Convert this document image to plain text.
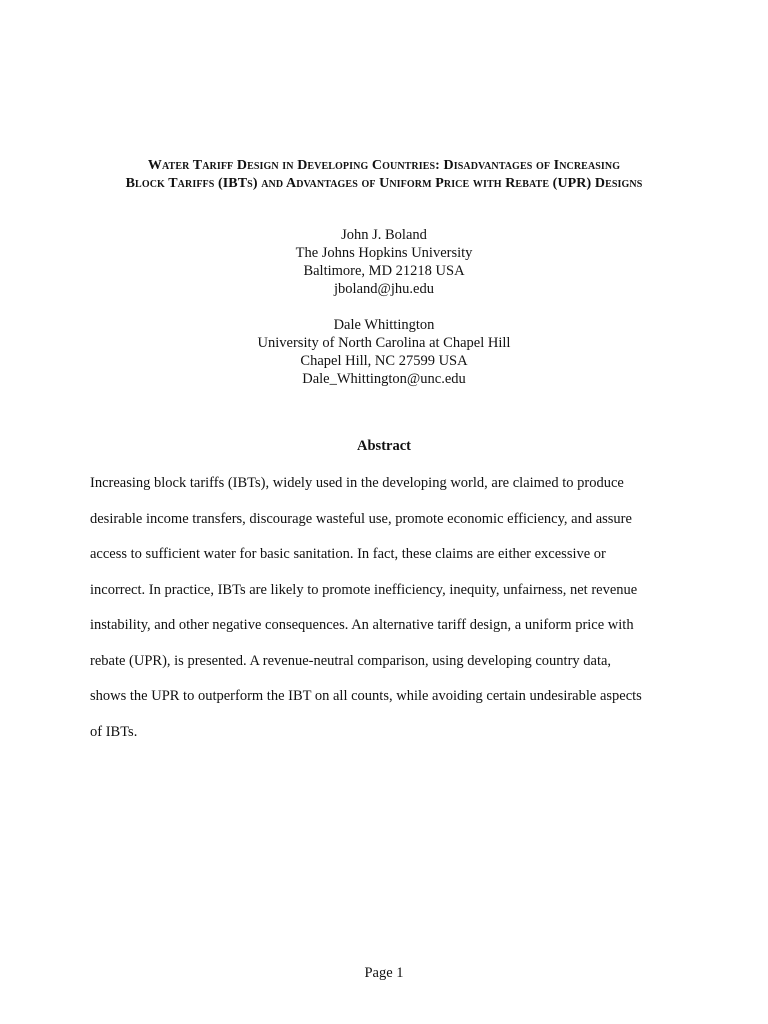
Water Tariff Design in Developing Countries: Disadvantages of Increasing
Block Tariffs (IBTs) and Advantages of Uniform Price with Rebate (UPR) Designs
John J. Boland
The Johns Hopkins University
Baltimore, MD 21218 USA
jboland@jhu.edu
Dale Whittington
University of North Carolina at Chapel Hill
Chapel Hill, NC 27599 USA
Dale_Whittington@unc.edu
Abstract
Increasing block tariffs (IBTs), widely used in the developing world, are claimed to produce
desirable income transfers, discourage wasteful use, promote economic efficiency, and assure
access to sufficient water for basic sanitation. In fact, these claims are either excessive or
incorrect. In practice, IBTs are likely to promote inefficiency, inequity, unfairness, net revenue
instability, and other negative consequences. An alternative tariff design, a uniform price with
rebate (UPR), is presented. A revenue-neutral comparison, using developing country data,
shows the UPR to outperform the IBT on all counts, while avoiding certain undesirable aspects
of IBTs.
Page 1
